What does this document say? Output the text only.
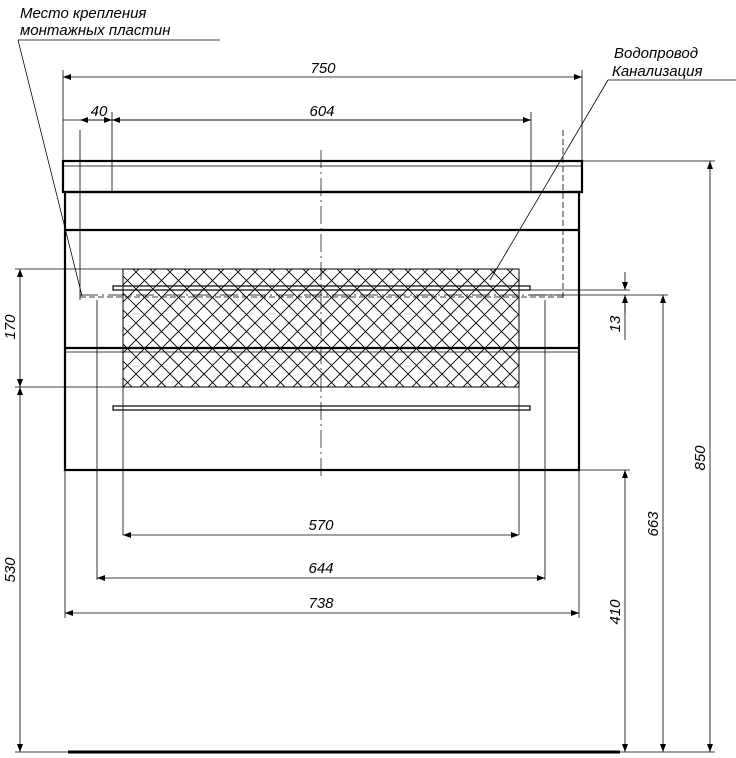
Место крепления
монтажных пластин
Водопровод
Канализация
750
40	604
570
644
738
170
530
13
850
663
410
